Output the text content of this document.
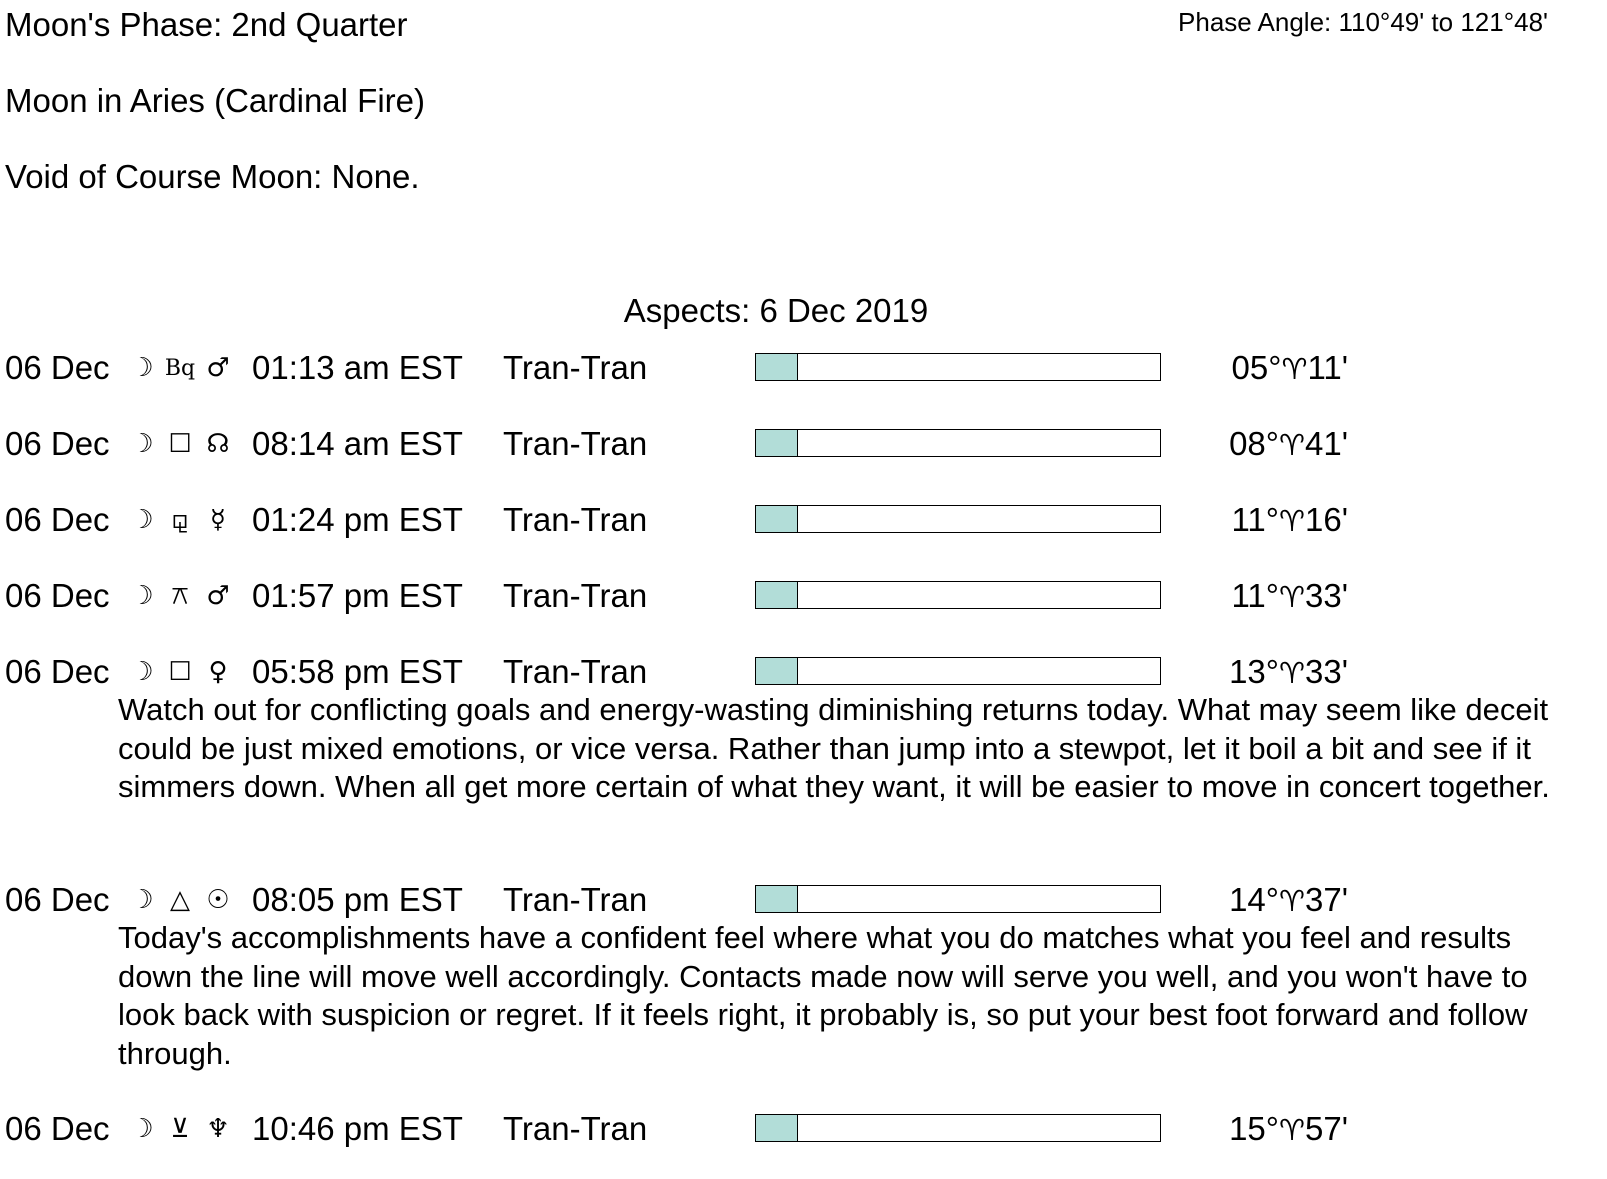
Moon's Phase: 2nd Quarter	Phase Angle: 110°49' to 121°48'
Moon in Aries (Cardinal Fire)
Void of Course Moon: None.
Aspects: 6 Dec 2019
06 Dec ☽ Bq ♂ 01:13 am EST Tran-Tran	05°♈11'
06 Dec ☽ ☐ ☊ 08:14 am EST Tran-Tran	08°♈41'
06 Dec ☽ ⚼ ☿ 01:24 pm EST Tran-Tran	11°♈16'
06 Dec ☽ ⚻ ♂ 01:57 pm EST Tran-Tran	11°♈33'
06 Dec ☽ ☐ ♀ 05:58 pm EST Tran-Tran	13°♈33'
Watch out for conflicting goals and energy-wasting diminishing returns today. What may seem like deceit could be just mixed emotions, or vice versa. Rather than jump into a stewpot, let it boil a bit and see if it simmers down. When all get more certain of what they want, it will be easier to move in concert together.
06 Dec ☽ △ ☉ 08:05 pm EST Tran-Tran	14°♈37'
Today's accomplishments have a confident feel where what you do matches what you feel and results down the line will move well accordingly. Contacts made now will serve you well, and you won't have to look back with suspicion or regret. If it feels right, it probably is, so put your best foot forward and follow through.
06 Dec ☽ ⊻ ♆ 10:46 pm EST Tran-Tran	15°♈57'
